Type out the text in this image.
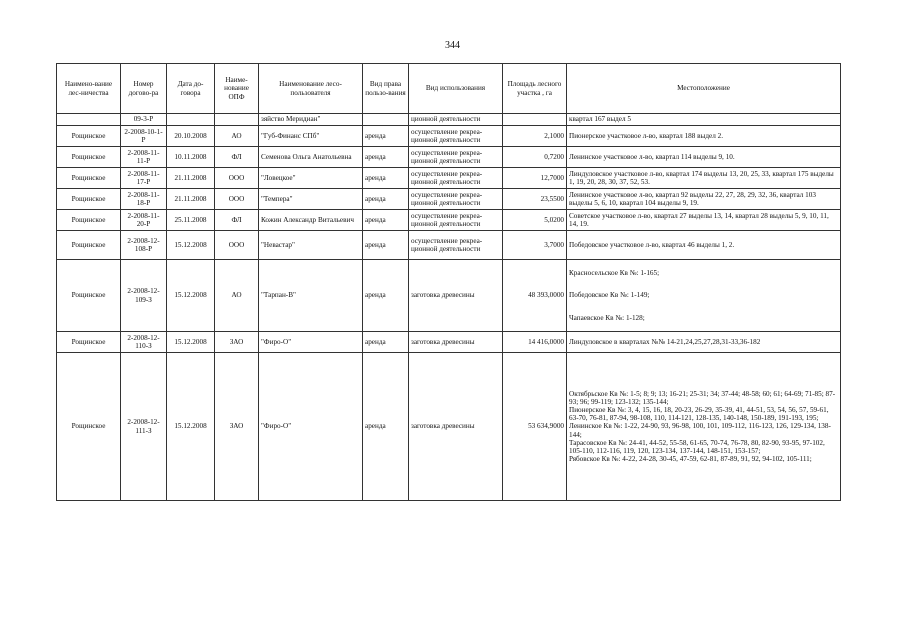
344
Наимено-вание лес-ничества	Номер догово-ра	Дата до-говора	Наиме-нование ОПФ	Наименование лесо-пользователя	Вид права пользо-вания	Вид использования	Площадь лесного участка , га	Местоположение
	09-3-Р			зяйство Меридиан"		ционной деятельности		квартал 167 выдел 5

Рощинское	2-2008-10-1-Р	20.10.2008	АО	"Губ-Финанс СПб"	аренда	осуществление рекреа-ционной деятельности	2,1000	Пионерское участковое л-во, квартал 188 выдел 2.

Рощинское	2-2008-11-11-Р	10.11.2008	ФЛ	Семенова Ольга Анатольевна	аренда	осуществление рекреа-ционной деятельности	0,7200	Ленинское участковое л-во, квартал 114 выделы 9, 10.

Рощинское	2-2008-11-17-Р	21.11.2008	ООО	"Ловецкое"	аренда	осуществление рекреа-ционной деятельности	12,7000	Линдуловское участковое л-во, квартал 174 выделы 13, 20, 25, 33, квартал 175 выделы 1, 19, 20, 28, 30, 37, 52, 53.

Рощинское	2-2008-11-18-Р	21.11.2008	ООО	"Темпера"	аренда	осуществление рекреа-ционной деятельности	23,5500	Ленинское участковое л-во, квартал 92 выделы 22, 27, 28, 29, 32, 36, квартал 103 выделы 5, 6, 10, квартал 104 выделы 9, 19.

Рощинское	2-2008-11-20-Р	25.11.2008	ФЛ	Кожин Александр Витальевич	аренда	осуществление рекреа-ционной деятельности	5,0200	Советское участковое л-во, квартал 27 выделы 13, 14, квартал 28 выделы 5, 9, 10, 11, 14, 19.

Рощинское	2-2008-12-108-Р	15.12.2008	ООО	"Невастар"	аренда	осуществление рекреа-ционной деятельности	3,7000	Победовское участковое л-во, квартал 46 выделы 1, 2.

Рощинское	2-2008-12-109-З	15.12.2008	АО	"Тарпан-В"	аренда	заготовка древесины	48 393,0000	Красносельское Кв №: 1-165;
Победовское Кв №: 1-149;
Чапаевское Кв №: 1-128;

Рощинское	2-2008-12-110-З	15.12.2008	ЗАО	"Фиро-О"	аренда	заготовка древесины	14 416,0000	Линдуловское в кварталах №№ 14-21,24,25,27,28,31-33,36-182

Рощинское	2-2008-12-111-З	15.12.2008	ЗАО	"Фиро-О"	аренда	заготовка древесины	53 634,9000	Октябрьское Кв №: 1-5; 8; 9; 13; 16-21; 25-31; 34; 37-44; 48-58; 60; 61; 64-69; 71-85; 87-93; 96; 99-119; 123-132; 135-144;
Пионерское Кв №: 3, 4, 15, 16, 18, 20-23, 26-29, 35-39, 41, 44-51, 53, 54, 56, 57, 59-61, 63-70, 76-81, 87-94, 98-108, 110, 114-121, 128-135, 140-148, 150-189, 191-193, 195;
Ленинское Кв №: 1-22, 24-90, 93, 96-98, 100, 101, 109-112, 116-123, 126, 129-134, 138-144;
Тарасовское Кв №: 24-41, 44-52, 55-58, 61-65, 70-74, 76-78, 80, 82-90, 93-95, 97-102, 105-110, 112-116, 119, 120, 123-134, 137-144, 148-151, 153-157;
Рябовское Кв №: 4-22, 24-28, 30-45, 47-59, 62-81, 87-89, 91, 92, 94-102, 105-111;
